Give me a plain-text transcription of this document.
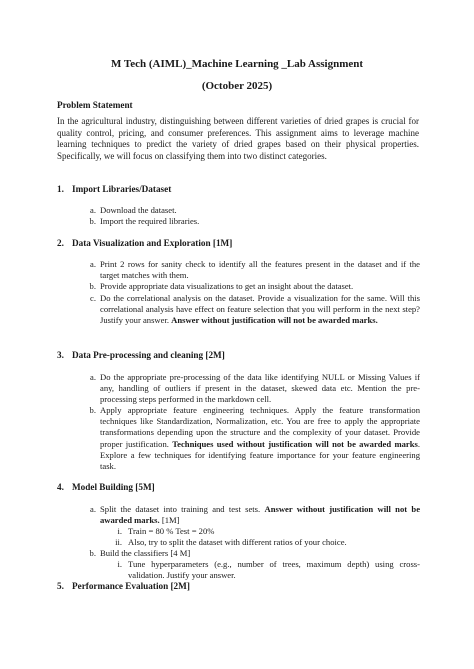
M Tech (AIML)_Machine Learning _Lab Assignment
(October 2025)
Problem Statement

In the agricultural industry, distinguishing between different varieties of dried grapes is crucial for quality control, pricing, and consumer preferences. This assignment aims to leverage machine learning techniques to predict the variety of dried grapes based on their physical properties. Specifically, we will focus on classifying them into two distinct categories.

1. Import Libraries/Dataset
a. Download the dataset.

b. Import the required libraries.

2. Data Visualization and Exploration [1M]
a. Print 2 rows for sanity check to identify all the features present in the dataset and if the target matches with them.

b. Provide appropriate data visualizations to get an insight about the dataset.

c. Do the correlational analysis on the dataset. Provide a visualization for the same. Will this correlational analysis have effect on feature selection that you will perform in the next step? Justify your answer. Answer without justification will not be awarded marks.

3. Data Pre-processing and cleaning [2M]
a. Do the appropriate pre-processing of the data like identifying NULL or Missing Values if any, handling of outliers if present in the dataset, skewed data etc. Mention the pre-processing steps performed in the markdown cell.

b. Apply appropriate feature engineering techniques. Apply the feature transformation techniques like Standardization, Normalization, etc. You are free to apply the appropriate transformations depending upon the structure and the complexity of your dataset. Provide proper justification. Techniques used without justification will not be awarded marks. Explore a few techniques for identifying feature importance for your feature engineering task.

4. Model Building [5M]
a. Split the dataset into training and test sets. Answer without justification will not be awarded marks. [1M]

i. Train = 80 % Test = 20%

ii. Also, try to split the dataset with different ratios of your choice.

b. Build the classifiers [4 M]

i. Tune hyperparameters (e.g., number of trees, maximum depth) using cross-validation. Justify your answer.

5. Performance Evaluation [2M]
